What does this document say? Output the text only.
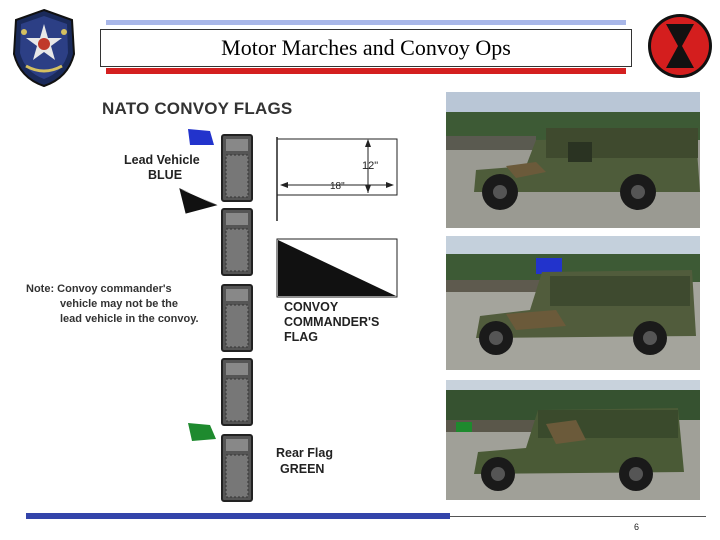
Motor Marches and Convoy Ops
NATO CONVOY FLAGS
Lead Vehicle
BLUE
12"
18"
Note: Convoy commander's
vehicle may not be the
lead vehicle in the convoy.
CONVOY
COMMANDER'S
FLAG
Rear Flag
GREEN
6
